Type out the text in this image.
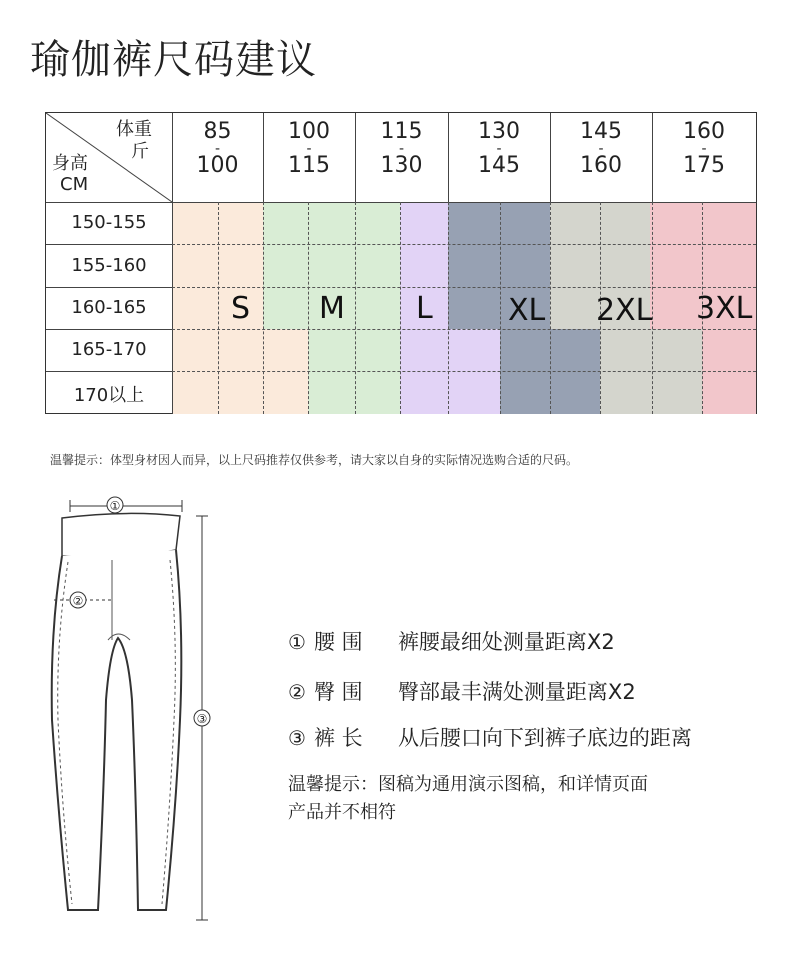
瑜伽裤尺码建议
体重
斤
身高
CM
85
-
100
100
-
115
115
-
130
130
-
145
145
-
160
160
-
175
150-155
155-160
160-165
165-170
170以上
S M L	XL 2XL 3XL
温馨提示：体型身材因人而异，以上尺码推荐仅供参考，请大家以自身的实际情况选购合适的尺码。
①
②
③
① 腰 围 裤腰最细处测量距离X2
② 臀 围 臀部最丰满处测量距离X2
③ 裤 长 从后腰口向下到裤子底边的距离
温馨提示：图稿为通用演示图稿，和详情页面
产品并不相符
